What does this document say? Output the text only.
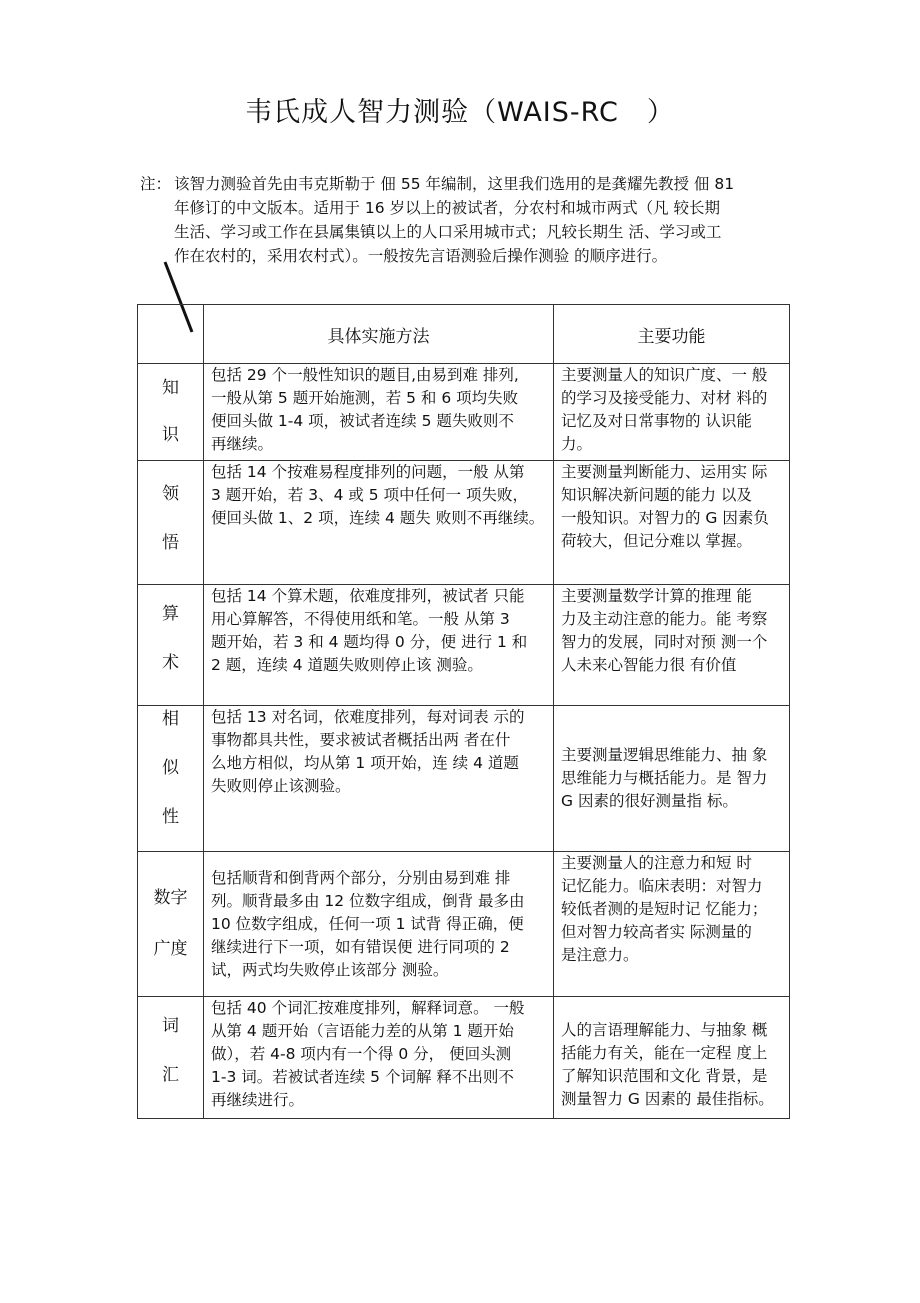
韦氏成人智力测验（WAIS-RC　）
注： 该智力测验首先由韦克斯勒于 佃 55 年编制，这里我们选用的是龚耀先教授 佃 81
年修订的中文版本。适用于 16 岁以上的被试者，分农村和城市两式（凡 较长期
生活、学习或工作在县属集镇以上的人口采用城市式；凡较长期生 活、学习或工
作在农村的，采用农村式）。一般按先言语测验后操作测验 的顺序进行。
	具体实施方法	主要功能

知
识	包括 29 个一般性知识的题目,由易到难 排列,
一般从第 5 题开始施测，若 5 和 6 项均失败
便回头做 1-4 项，被试者连续 5 题失败则不
再继续。	主要测量人的知识广度、一 般
的学习及接受能力、对材 料的
记忆及对日常事物的 认识能
力。

领
悟	包括 14 个按难易程度排列的问题，一般 从第
3 题开始，若 3、4 或 5 项中任何一 项失败，
便回头做 1、2 项，连续 4 题失 败则不再继续。	主要测量判断能力、运用实 际
知识解决新问题的能力 以及
一般知识。对智力的 G 因素负
荷较大，但记分难以 掌握。

算
术	包括 14 个算术题，依难度排列，被试者 只能
用心算解答，不得使用纸和笔。一般 从第 3
题开始，若 3 和 4 题均得 0 分，便 进行 1 和
2 题，连续 4 道题失败则停止该 测验。	主要测量数学计算的推理 能
力及主动注意的能力。能 考察
智力的发展，同时对预 测一个
人未来心智能力很 有价值

相
似
性	包括 13 对名词，依难度排列，每对词表 示的
事物都具共性，要求被试者概括出两 者在什
么地方相似，均从第 1 项开始，连 续 4 道题
失败则停止该测验。	主要测量逻辑思维能力、抽 象
思维能力与概括能力。是 智力
G 因素的很好测量指 标。

数字
广度	包括顺背和倒背两个部分，分别由易到难 排
列。顺背最多由 12 位数字组成，倒背 最多由
10 位数字组成，任何一项 1 试背 得正确，便
继续进行下一项，如有错误便 进行同项的 2
试，两式均失败停止该部分 测验。	主要测量人的注意力和短 时
记忆能力。临床表明：对智力
较低者测的是短时记 忆能力；
但对智力较高者实 际测量的
是注意力。

词
汇	包括 40 个词汇按难度排列，解释词意。 一般
从第 4 题开始（言语能力差的从第 1 题开始
做），若 4-8 项内有一个得 0 分， 便回头测
1-3 词。若被试者连续 5 个词解 释不出则不
再继续进行。	人的言语理解能力、与抽象 概
括能力有关，能在一定程 度上
了解知识范围和文化 背景，是
测量智力 G 因素的 最佳指标。
